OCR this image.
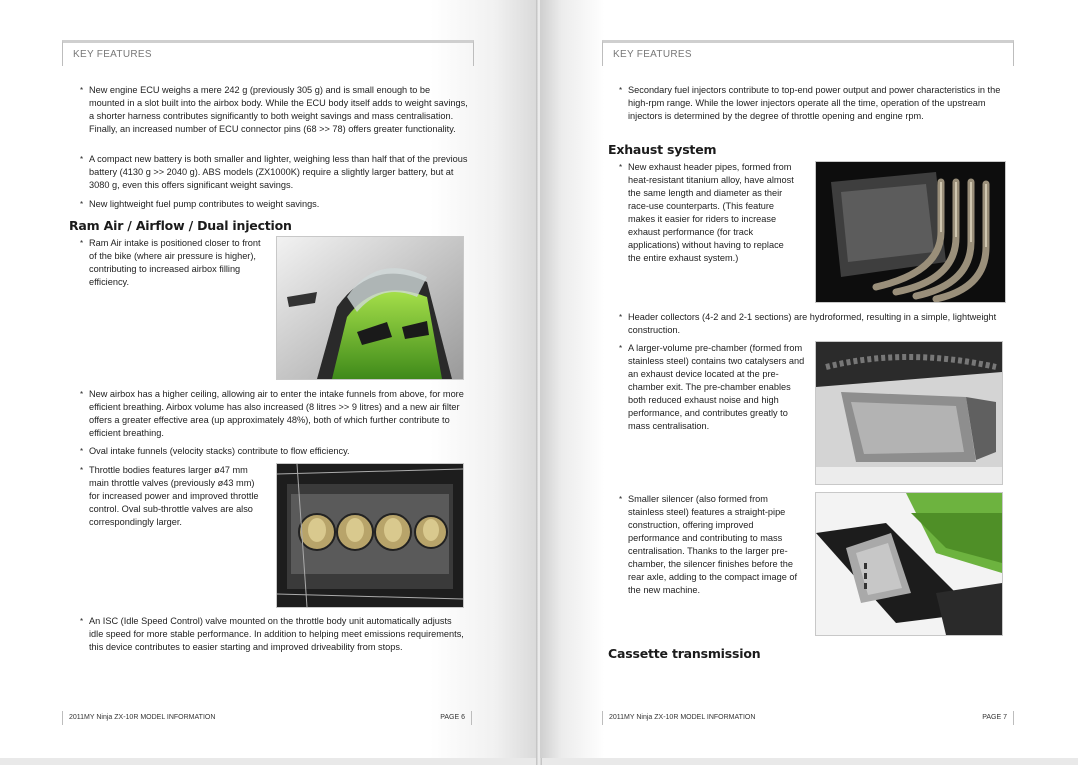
KEY FEATURES
* New engine ECU weighs a mere 242 g (previously 305 g) and is small enough to be mounted in a slot built into the airbox body. While the ECU body itself adds to weight savings, a shorter harness contributes significantly to both weight savings and mass centralisation. Finally, an increased number of ECU connector pins (68 >> 78) offers greater functionality.
* A compact new battery is both smaller and lighter, weighing less than half that of the previous battery (4130 g >> 2040 g). ABS models (ZX1000K) require a slightly larger battery, but at 3080 g, even this offers significant weight savings.
* New lightweight fuel pump contributes to weight savings.
Ram Air / Airflow / Dual injection
* Ram Air intake is positioned closer to front of the bike (where air pressure is higher), contributing to increased airbox filling efficiency.
* New airbox has a higher ceiling, allowing air to enter the intake funnels from above, for more efficient breathing. Airbox volume has also increased (8 litres >> 9 litres) and a new air filter offers a greater effective area (up approximately 48%), both of which further contribute to efficient breathing.
* Oval intake funnels (velocity stacks) contribute to flow efficiency.
* Throttle bodies features larger ø47 mm main throttle valves (previously ø43 mm) for increased power and improved throttle control. Oval sub-throttle valves are also correspondingly larger.
* An ISC (Idle Speed Control) valve mounted on the throttle body unit automatically adjusts idle speed for more stable performance. In addition to helping meet emissions requirements, this device contributes to easier starting and improved driveability from stops.
2011MY Ninja ZX-10R MODEL INFORMATION	PAGE 6
KEY FEATURES
* Secondary fuel injectors contribute to top-end power output and power characteristics in the high-rpm range. While the lower injectors operate all the time, operation of the upstream injectors is determined by the degree of throttle opening and engine rpm.
Exhaust system
* New exhaust header pipes, formed from heat-resistant titanium alloy, have almost the same length and diameter as their race-use counterparts. (This feature makes it easier for riders to increase exhaust performance (for track applications) without having to replace the entire exhaust system.)
* Header collectors (4-2 and 2-1 sections) are hydroformed, resulting in a simple, lightweight construction.
* A larger-volume pre-chamber (formed from stainless steel) contains two catalysers and an exhaust device located at the pre-chamber exit. The pre-chamber enables both reduced exhaust noise and high performance, and contributes greatly to mass centralisation.
* Smaller silencer (also formed from stainless steel) features a straight-pipe construction, offering improved performance and contributing to mass centralisation. Thanks to the larger pre-chamber, the silencer finishes before the rear axle, adding to the compact image of the new machine.
Cassette transmission
2011MY Ninja ZX-10R MODEL INFORMATION	PAGE 7
